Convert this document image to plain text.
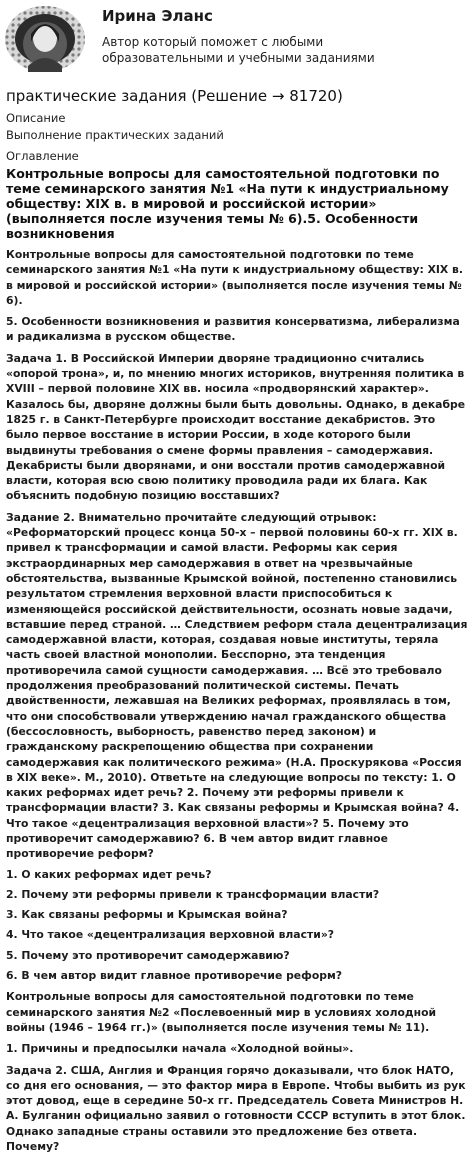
Ирина Эланс
Автор который поможет с любыми образовательными и учебными заданиями
практические задания (Решение → 81720)
Описание
Выполнение практических заданий
Оглавление
Контрольные вопросы для самостоятельной подготовки по теме семинарского занятия №1 «На пути к индустриальному обществу: XIX в. в мировой и российской истории» (выполняется после изучения темы № 6).5. Особенности возникновения
Контрольные вопросы для самостоятельной подготовки по теме семинарского занятия №1 «На пути к индустриальному обществу: XIX в. в мировой и российской истории» (выполняется после изучения темы № 6).
5. Особенности возникновения и развития консерватизма, либерализма и радикализма в русском обществе.
Задача 1. В Российской Империи дворяне традиционно считались «опорой трона», и, по мнению многих историков, внутренняя политика в XVIII – первой половине XIX вв. носила «продворянский характер». Казалось бы, дворяне должны были быть довольны. Однако, в декабре 1825 г. в Санкт-Петербурге происходит восстание декабристов. Это было первое восстание в истории России, в ходе которого были выдвинуты требования о смене формы правления – самодержавия. Декабристы были дворянами, и они восстали против самодержавной власти, которая всю свою политику проводила ради их блага. Как объяснить подобную позицию восставших?
Задание 2. Внимательно прочитайте следующий отрывок: «Реформаторский процесс конца 50-х – первой половины 60-х гг. XIX в. привел к трансформации и самой власти. Реформы как серия экстраординарных мер самодержавия в ответ на чрезвычайные обстоятельства, вызванные Крымской войной, постепенно становились результатом стремления верховной власти приспособиться к изменяющейся российской действительности, осознать новые задачи, вставшие перед страной. … Следствием реформ стала децентрализация самодержавной власти, которая, создавая новые институты, теряла часть своей властной монополии. Бесспорно, эта тенденция противоречила самой сущности самодержавия. … Всё это требовало продолжения преобразований политической системы. Печать двойственности, лежавшая на Великих реформах, проявлялась в том, что они способствовали утверждению начал гражданского общества (бессословность, выборность, равенство перед законом) и гражданскому раскрепощению общества при сохранении самодержавия как политического режима» (Н.А. Проскурякова «Россия в XIX веке». М., 2010). Ответьте на следующие вопросы по тексту: 1. О каких реформах идет речь? 2. Почему эти реформы привели к трансформации власти? 3. Как связаны реформы и Крымская война? 4. Что такое «децентрализация верховной власти»? 5. Почему это противоречит самодержавию? 6. В чем автор видит главное противоречие реформ?
1. О каких реформах идет речь?
2. Почему эти реформы привели к трансформации власти?
3. Как связаны реформы и Крымская война?
4. Что такое «децентрализация верховной власти»?
5. Почему это противоречит самодержавию?
6. В чем автор видит главное противоречие реформ?
Контрольные вопросы для самостоятельной подготовки по теме семинарского занятия №2 «Послевоенный мир в условиях холодной войны (1946 – 1964 гг.)» (выполняется после изучения темы № 11).
1. Причины и предпосылки начала «Холодной войны».
Задача 2. США, Англия и Франция горячо доказывали, что блок НАТО, со дня его основания, — это фактор мира в Европе. Чтобы выбить из рук этот довод, еще в середине 50-х гг. Председатель Совета Министров Н. А. Булганин официально заявил о готовности СССР вступить в этот блок. Однако западные страны оставили это предложение без ответа. Почему?
